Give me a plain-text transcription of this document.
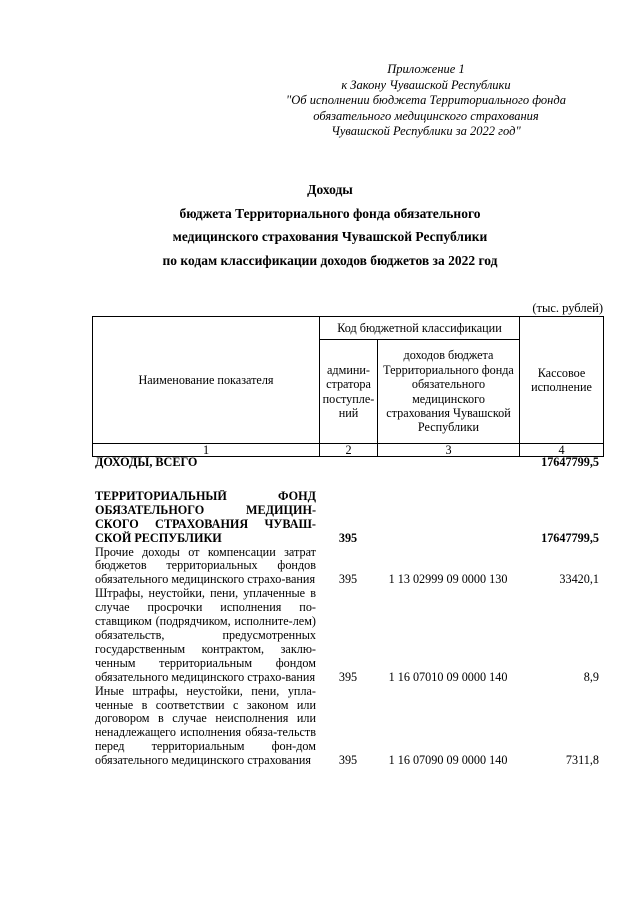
Приложение 1
к Закону Чувашской Республики
"Об исполнении бюджета Территориального фонда
обязательного медицинского страхования
Чувашской Республики за 2022 год"
Доходы
бюджета Территориального фонда обязательного
медицинского страхования Чувашской Республики
по кодам классификации доходов бюджетов за 2022 год
(тыс. рублей)
Наименование показателя	Код бюджетной классификации		Кассовое исполнение
	админи-стратора поступле-ний	доходов бюджета Территориального фонда обязательного медицинского страхования Чувашской Республики	
1	2	3	4
ДОХОДЫ, ВСЕГО			17647799,5

ТЕРРИТОРИАЛЬНЫЙ ФОНД ОБЯЗАТЕЛЬНОГО МЕДИЦИН-СКОГО СТРАХОВАНИЯ ЧУВАШ-СКОЙ РЕСПУБЛИКИ	395		17647799,5
Прочие доходы от компенсации затрат бюджетов территориальных фондов обязательного медицинского страхо-вания	395	1 13 02999 09 0000 130	33420,1
Штрафы, неустойки, пени, уплаченные в случае просрочки исполнения по-ставщиком (подрядчиком, исполните-лем) обязательств, предусмотренных государственным контрактом, заклю-ченным территориальным фондом обязательного медицинского страхо-вания	395	1 16 07010 09 0000 140	8,9
Иные штрафы, неустойки, пени, упла-ченные в соответствии с законом или договором в случае неисполнения или ненадлежащего исполнения обяза-тельств перед территориальным фон-дом обязательного медицинского страхования	395	1 16 07090 09 0000 140	7311,8
